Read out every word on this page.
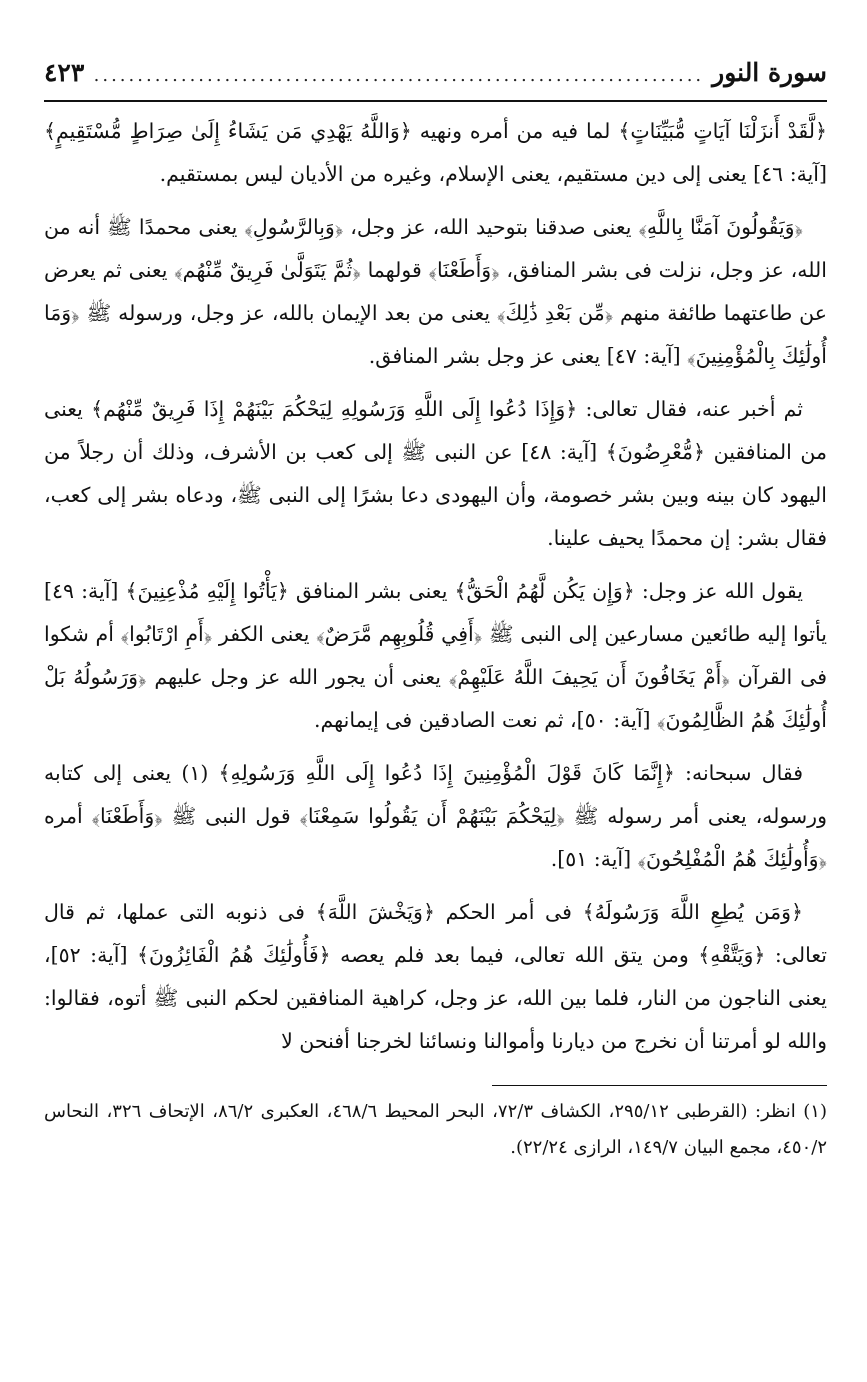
سورة النور
.....
٤٢٣

﴿لَّقَدْ أَنزَلْنَا آيَاتٍ مُّبَيِّنَاتٍ﴾ لما فيه من أمره ونهيه ﴿وَاللَّهُ يَهْدِي مَن يَشَاءُ إِلَىٰ صِرَاطٍ مُّسْتَقِيمٍ﴾ [آية: ٤٦] يعنى إلى دين مستقيم، يعنى الإسلام، وغيره من الأديان ليس بمستقيم.

﴿وَيَقُولُونَ آمَنَّا بِاللَّهِ﴾ يعنى صدقنا بتوحيد الله، عز وجل، ﴿وَبِالرَّسُولِ﴾ يعنى محمدًا ﷺ أنه من الله، عز وجل، نزلت فى بشر المنافق، ﴿وَأَطَعْنَا﴾ قولهما ﴿ثُمَّ يَتَوَلَّىٰ فَرِيقٌ مِّنْهُم﴾ يعنى ثم يعرض عن طاعتهما طائفة منهم ﴿مِّن بَعْدِ ذَٰلِكَ﴾ يعنى من بعد الإيمان بالله، عز وجل، ورسوله ﷺ ﴿وَمَا أُولَٰئِكَ بِالْمُؤْمِنِينَ﴾ [آية: ٤٧] يعنى عز وجل بشر المنافق.

ثم أخبر عنه، فقال تعالى: ﴿وَإِذَا دُعُوا إِلَى اللَّهِ وَرَسُولِهِ لِيَحْكُمَ بَيْنَهُمْ إِذَا فَرِيقٌ مِّنْهُم﴾ يعنى من المنافقين ﴿مُّعْرِضُونَ﴾ [آية: ٤٨] عن النبى ﷺ إلى كعب بن الأشرف، وذلك أن رجلاً من اليهود كان بينه وبين بشر خصومة، وأن اليهودى دعا بشرًا إلى النبى ﷺ، ودعاه بشر إلى كعب، فقال بشر: إن محمدًا يحيف علينا.

يقول الله عز وجل: ﴿وَإِن يَكُن لَّهُمُ الْحَقُّ﴾ يعنى بشر المنافق ﴿يَأْتُوا إِلَيْهِ مُذْعِنِينَ﴾ [آية: ٤٩] يأتوا إليه طائعين مسارعين إلى النبى ﷺ ﴿أَفِي قُلُوبِهِم مَّرَضٌ﴾ يعنى الكفر ﴿أَمِ ارْتَابُوا﴾ أم شكوا فى القرآن ﴿أَمْ يَخَافُونَ أَن يَحِيفَ اللَّهُ عَلَيْهِمْ﴾ يعنى أن يجور الله عز وجل عليهم ﴿وَرَسُولُهُ بَلْ أُولَٰئِكَ هُمُ الظَّالِمُونَ﴾ [آية: ٥٠]، ثم نعت الصادقين فى إيمانهم.

فقال سبحانه: ﴿إِنَّمَا كَانَ قَوْلَ الْمُؤْمِنِينَ إِذَا دُعُوا إِلَى اللَّهِ وَرَسُولِهِ﴾ (١) يعنى إلى كتابه ورسوله، يعنى أمر رسوله ﷺ ﴿لِيَحْكُمَ بَيْنَهُمْ أَن يَقُولُوا سَمِعْنَا﴾ قول النبى ﷺ ﴿وَأَطَعْنَا﴾ أمره ﴿وَأُولَٰئِكَ هُمُ الْمُفْلِحُونَ﴾ [آية: ٥١].

﴿وَمَن يُطِعِ اللَّهَ وَرَسُولَهُ﴾ فى أمر الحكم ﴿وَيَخْشَ اللَّهَ﴾ فى ذنوبه التى عملها، ثم قال تعالى: ﴿وَيَتَّقْهِ﴾ ومن يتق الله تعالى، فيما بعد فلم يعصه ﴿فَأُولَٰئِكَ هُمُ الْفَائِزُونَ﴾ [آية: ٥٢]، يعنى الناجون من النار، فلما بين الله، عز وجل، كراهية المنافقين لحكم النبى ﷺ أتوه، فقالوا: والله لو أمرتنا أن نخرج من ديارنا وأموالنا ونسائنا لخرجنا أفنحن لا

(١) انظر: (القرطبى ٢٩٥/١٢، الكشاف ٧٢/٣، البحر المحيط ٤٦٨/٦، العكبرى ٨٦/٢، الإتحاف ٣٢٦، النحاس ٤٥٠/٢، مجمع البيان ١٤٩/٧، الرازى ٢٢/٢٤).
